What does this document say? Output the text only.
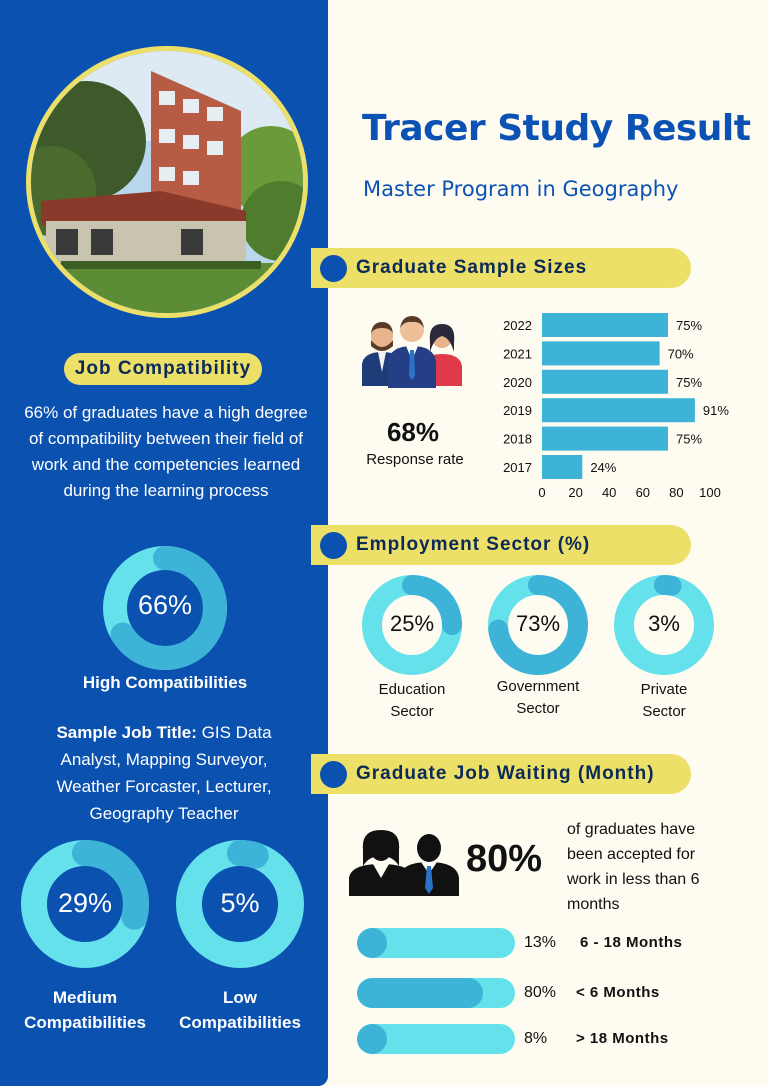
Job Compatibility
66% of graduates have a high degree of compatibility between their field of work and the competencies learned during the learning process
66%
High Compatibilities
Sample Job Title: GIS Data Analyst, Mapping Surveyor, Weather Forcaster, Lecturer, Geography Teacher
29%
Medium
Compatibilities
5%
Low
Compatibilities
Tracer Study Result
Master Program in Geography
Graduate Sample Sizes
68%
Response rate
2022	75%
2021	70%
2020	75%
2019	91%
2018	75%
2017	24%
0 20 40 60 80 100
Employment Sector (%)
25%
Education
Sector
73%
Government
Sector
3%
Private
Sector
Graduate Job Waiting (Month)
80%
of graduates have been accepted for work in less than 6 months
13% 6 - 18 Months
80% < 6 Months
8% > 18 Months
